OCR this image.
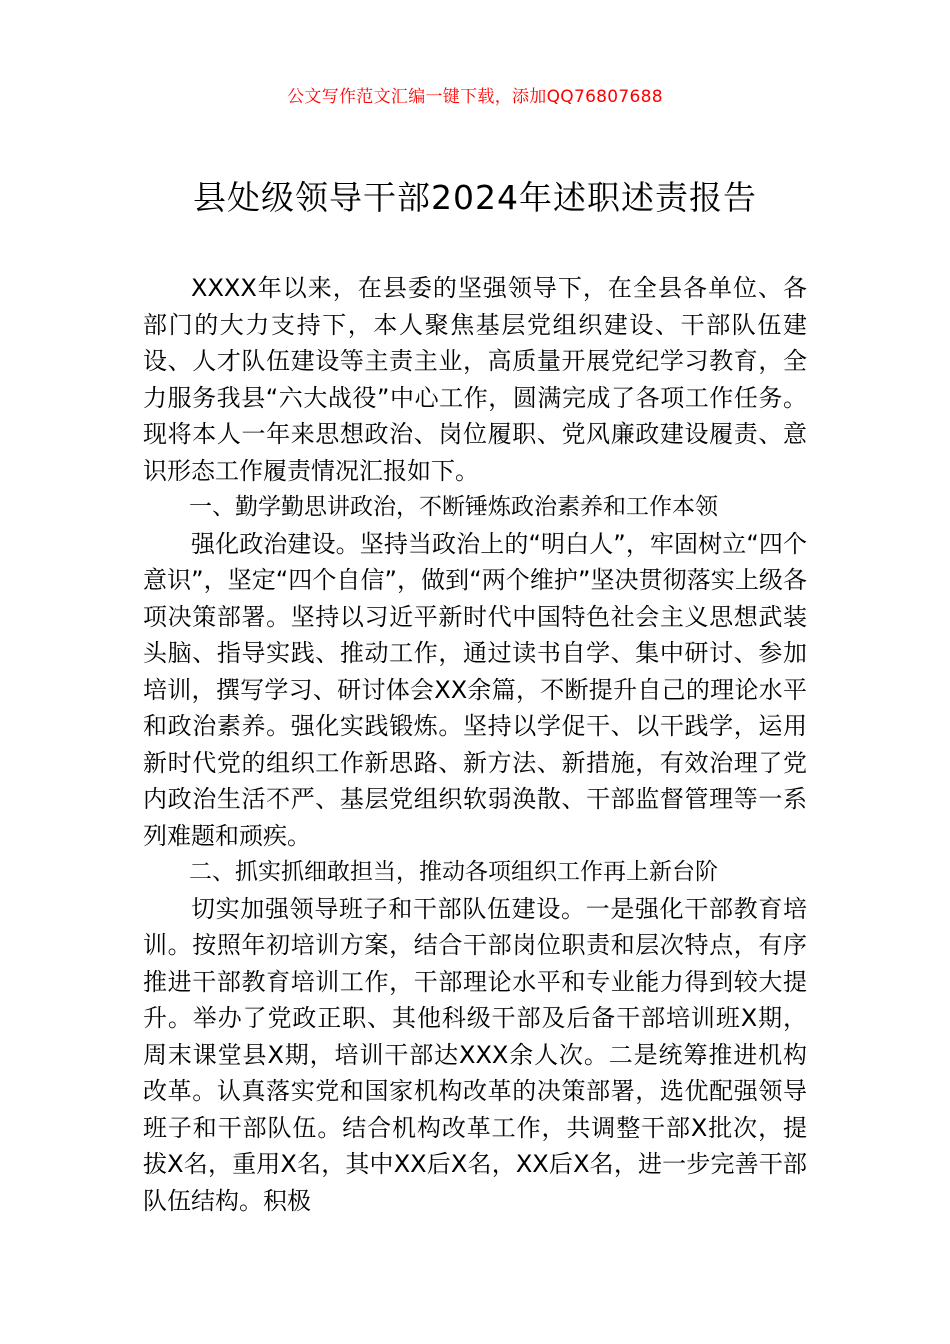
公文写作范文汇编一键下载，添加QQ76807688
县处级领导干部2024年述职述责报告

XXXX年以来，在县委的坚强领导下，在全县各单位、各部门的大力支持下，本人聚焦基层党组织建设、干部队伍建设、人才队伍建设等主责主业，高质量开展党纪学习教育，全力服务我县“六大战役”中心工作，圆满完成了各项工作任务。现将本人一年来思想政治、岗位履职、党风廉政建设履责、意识形态工作履责情况汇报如下。

一、勤学勤思讲政治，不断锤炼政治素养和工作本领

强化政治建设。坚持当政治上的“明白人”，牢固树立“四个意识”，坚定“四个自信”，做到“两个维护”坚决贯彻落实上级各项决策部署。坚持以习近平新时代中国特色社会主义思想武装头脑、指导实践、推动工作，通过读书自学、集中研讨、参加培训，撰写学习、研讨体会XX余篇，不断提升自己的理论水平和政治素养。强化实践锻炼。坚持以学促干、以干践学，运用新时代党的组织工作新思路、新方法、新措施，有效治理了党内政治生活不严、基层党组织软弱涣散、干部监督管理等一系列难题和顽疾。

二、抓实抓细敢担当，推动各项组织工作再上新台阶

切实加强领导班子和干部队伍建设。一是强化干部教育培训。按照年初培训方案，结合干部岗位职责和层次特点，有序推进干部教育培训工作，干部理论水平和专业能力得到较大提升。举办了党政正职、其他科级干部及后备干部培训班X期，周末课堂县X期，培训干部达XXX余人次。二是统筹推进机构改革。认真落实党和国家机构改革的决策部署，选优配强领导班子和干部队伍。结合机构改革工作，共调整干部X批次，提拔X名，重用X名，其中XX后X名，XX后X名，进一步完善干部队伍结构。积极
